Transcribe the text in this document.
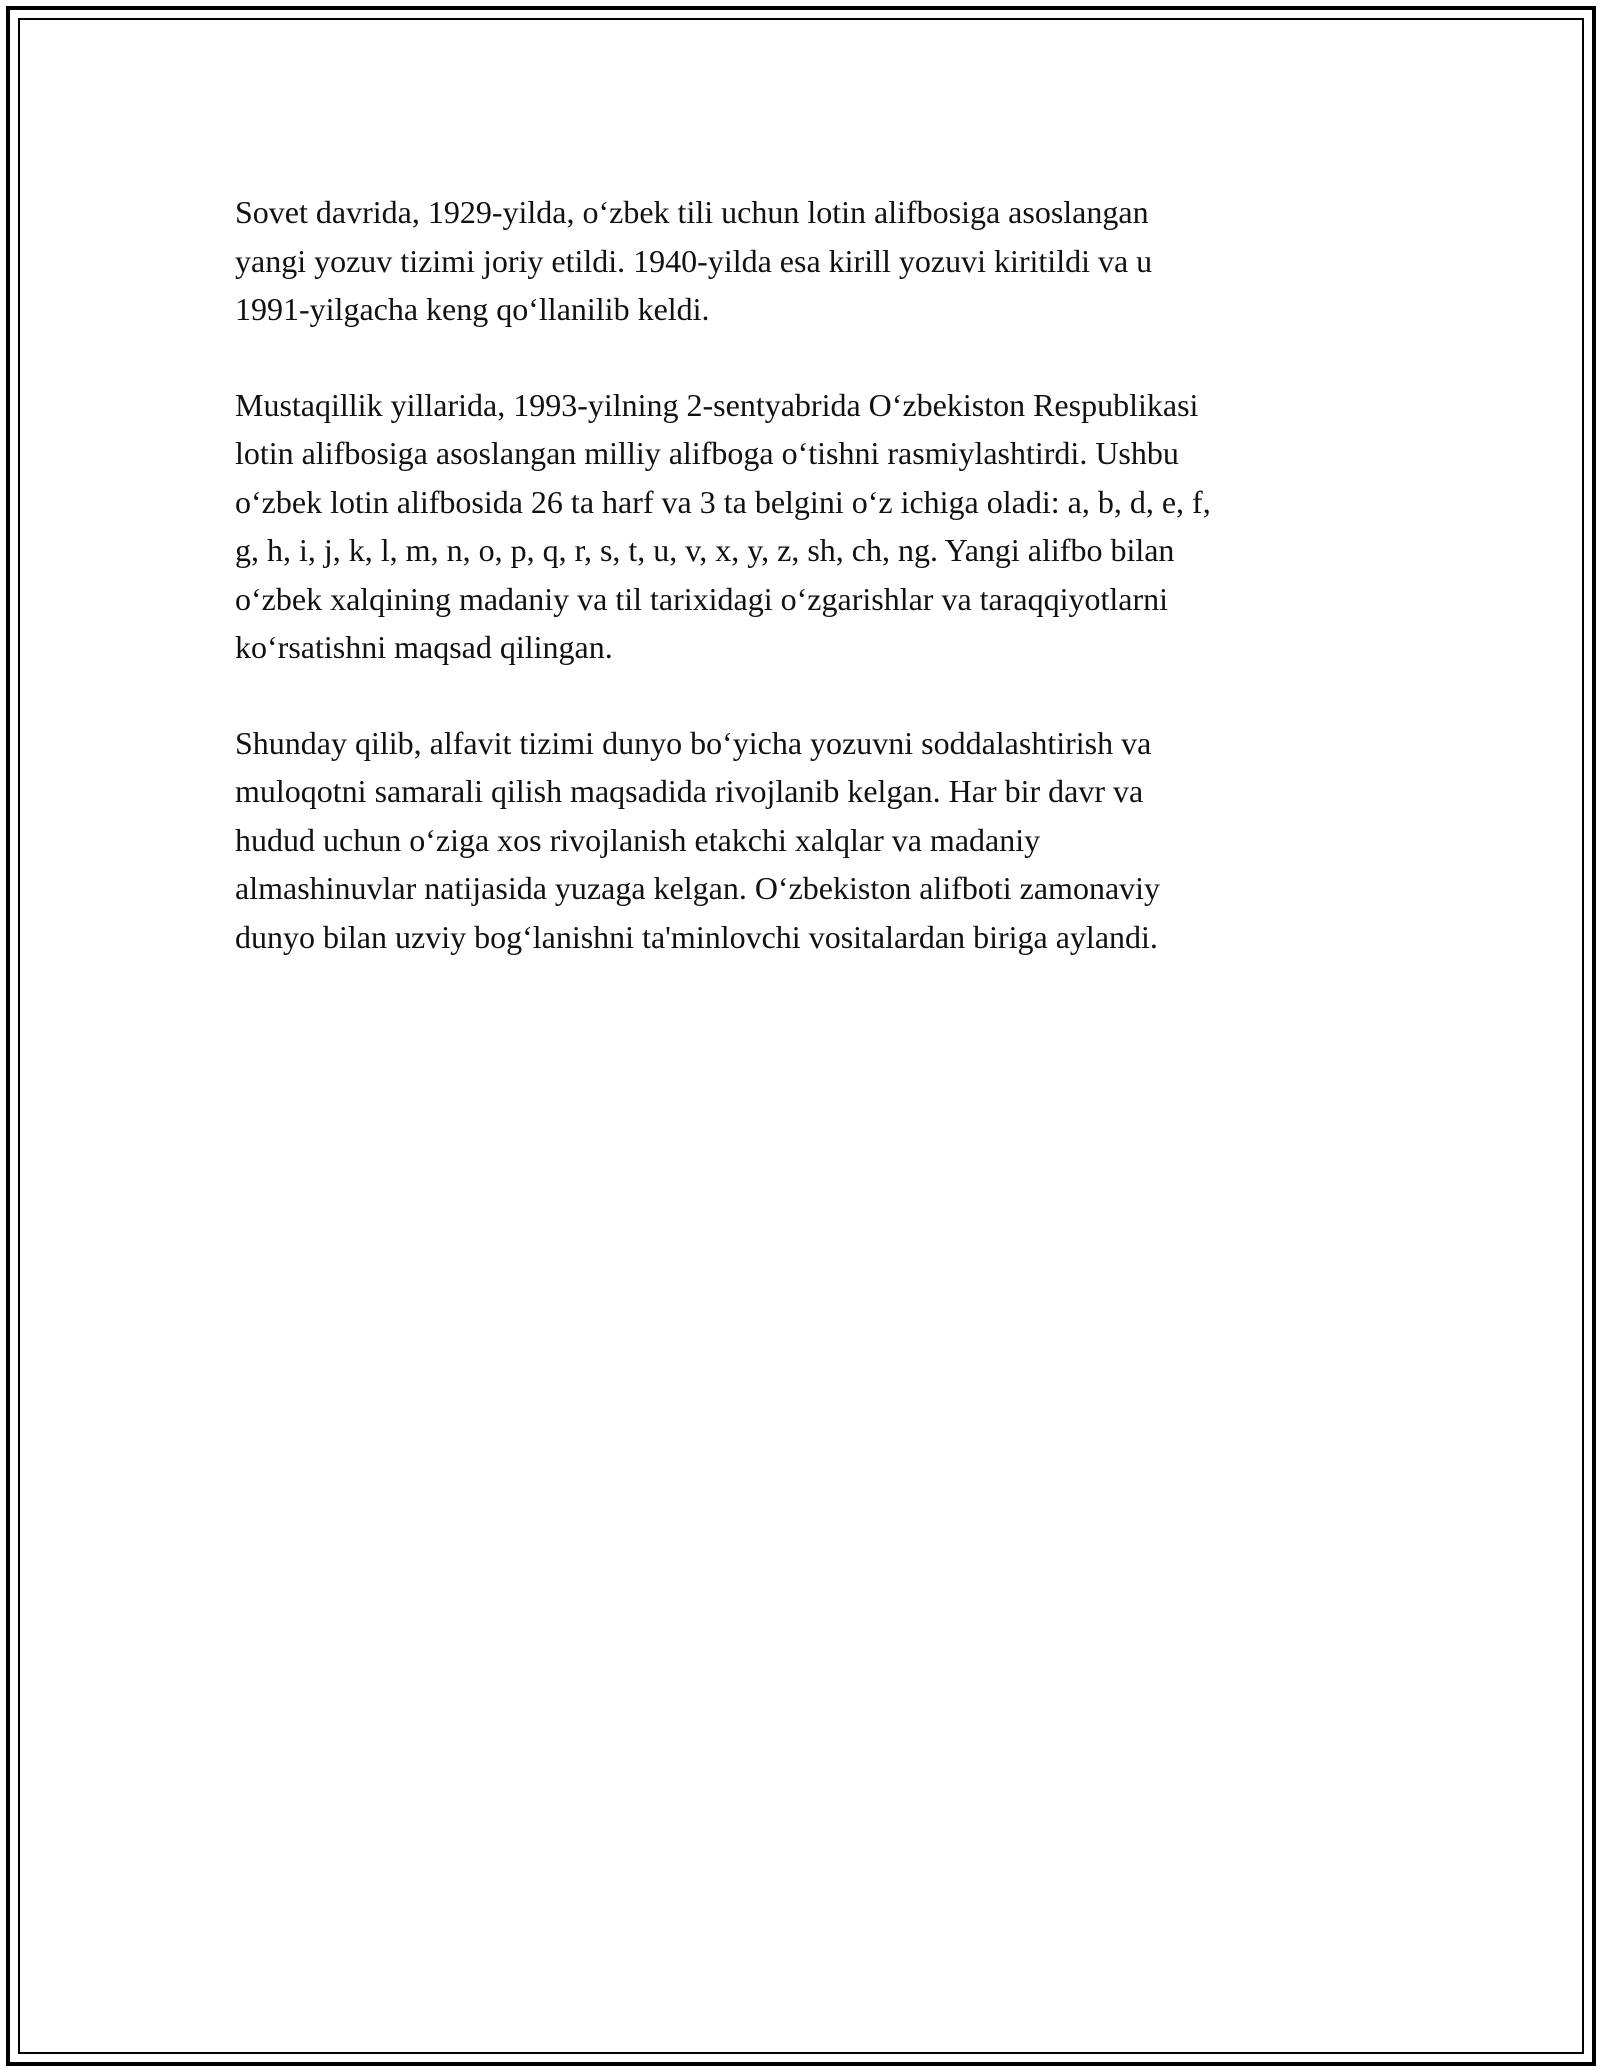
Sovet davrida, 1929-yilda, o‘zbek tili uchun lotin alifbosiga asoslangan
yangi yozuv tizimi joriy etildi. 1940-yilda esa kirill yozuvi kiritildi va u
1991-yilgacha keng qo‘llanilib keldi.

Mustaqillik yillarida, 1993-yilning 2-sentyabrida O‘zbekiston Respublikasi
lotin alifbosiga asoslangan milliy alifboga o‘tishni rasmiylashtirdi. Ushbu
o‘zbek lotin alifbosida 26 ta harf va 3 ta belgini o‘z ichiga oladi: a, b, d, e, f,
g, h, i, j, k, l, m, n, o, p, q, r, s, t, u, v, x, y, z, sh, ch, ng. Yangi alifbo bilan
o‘zbek xalqining madaniy va til tarixidagi o‘zgarishlar va taraqqiyotlarni
ko‘rsatishni maqsad qilingan.

Shunday qilib, alfavit tizimi dunyo bo‘yicha yozuvni soddalashtirish va
muloqotni samarali qilish maqsadida rivojlanib kelgan. Har bir davr va
hudud uchun o‘ziga xos rivojlanish etakchi xalqlar va madaniy
almashinuvlar natijasida yuzaga kelgan. O‘zbekiston alifboti zamonaviy
dunyo bilan uzviy bog‘lanishni ta'minlovchi vositalardan biriga aylandi.
